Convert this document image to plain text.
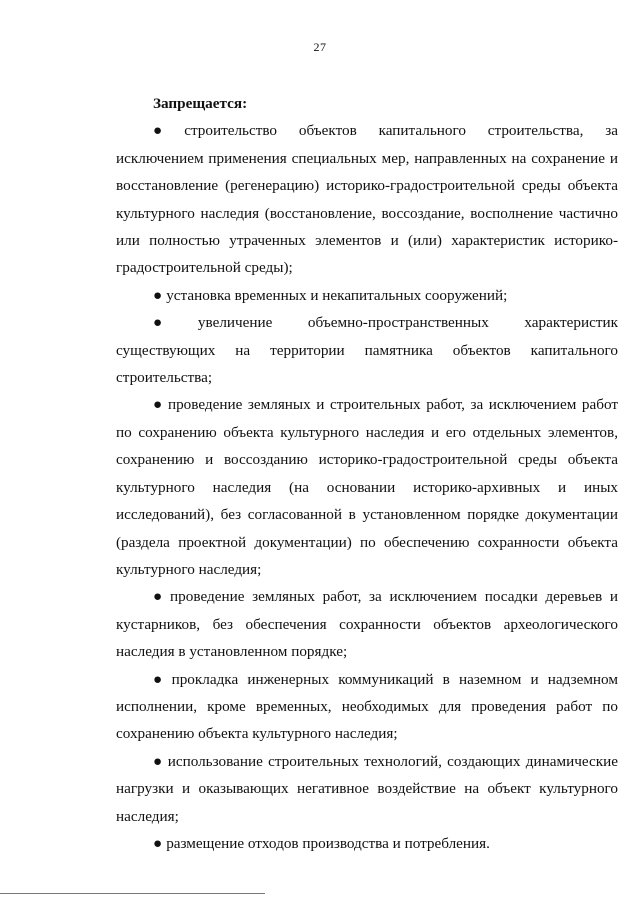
27

Запрещается:

● строительство объектов капитального строительства, за исключением применения специальных мер, направленных на сохранение и восстановление (регенерацию) историко-градостроительной среды объекта культурного наследия (восстановление, воссоздание, восполнение частично или полностью утраченных элементов и (или) характеристик историко-градостроительной среды);

● установка временных и некапитальных сооружений;

● увеличение объемно-пространственных характеристик существующих на территории памятника объектов капитального строительства;

● проведение земляных и строительных работ, за исключением работ по сохранению объекта культурного наследия и его отдельных элементов, сохранению и воссозданию историко-градостроительной среды объекта культурного наследия (на основании историко-архивных и иных исследований), без согласованной в установленном порядке документации (раздела проектной документации) по обеспечению сохранности объекта культурного наследия;

● проведение земляных работ, за исключением посадки деревьев и кустарников, без обеспечения сохранности объектов археологического наследия в установленном порядке;

● прокладка инженерных коммуникаций в наземном и надземном исполнении, кроме временных, необходимых для проведения работ по сохранению объекта культурного наследия;

● использование строительных технологий, создающих динамические нагрузки и оказывающих негативное воздействие на объект культурного наследия;

● размещение отходов производства и потребления.
